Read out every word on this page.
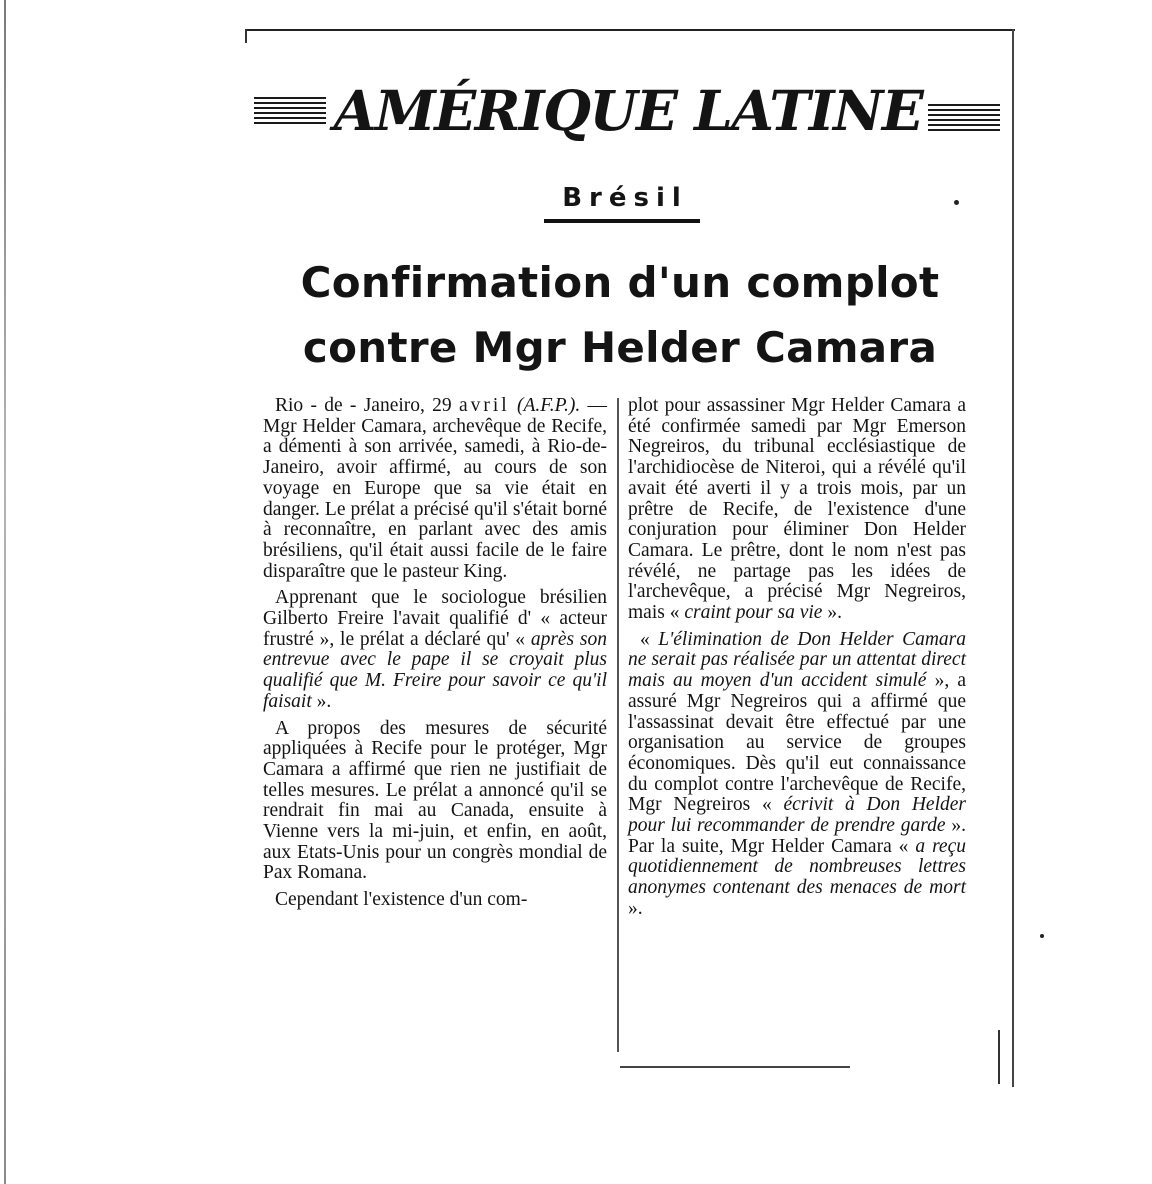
AMÉRIQUE LATINE
Brésil
Confirmation d'un complot
contre Mgr Helder Camara

Rio - de - Janeiro, 29 avril (A.F.P.). — Mgr Helder Camara, archevêque de Recife, a démenti à son arrivée, samedi, à Rio-de-Janeiro, avoir affirmé, au cours de son voyage en Europe que sa vie était en danger. Le prélat a précisé qu'il s'était borné à reconnaître, en parlant avec des amis brésiliens, qu'il était aussi facile de le faire disparaître que le pasteur King.

Apprenant que le sociologue brésilien Gilberto Freire l'avait qualifié d' « acteur frustré », le prélat a déclaré qu' « après son entrevue avec le pape il se croyait plus qualifié que M. Freire pour savoir ce qu'il faisait ».

A propos des mesures de sécurité appliquées à Recife pour le protéger, Mgr Camara a affirmé que rien ne justifiait de telles mesures. Le prélat a annoncé qu'il se rendrait fin mai au Canada, ensuite à Vienne vers la mi-juin, et enfin, en août, aux Etats-Unis pour un congrès mondial de Pax Romana.

Cependant l'existence d'un com-

plot pour assassiner Mgr Helder Camara a été confirmée samedi par Mgr Emerson Negreiros, du tribunal ecclésiastique de l'archidiocèse de Niteroi, qui a révélé qu'il avait été averti il y a trois mois, par un prêtre de Recife, de l'existence d'une conjuration pour éliminer Don Helder Camara. Le prêtre, dont le nom n'est pas révélé, ne partage pas les idées de l'archevêque, a précisé Mgr Negreiros, mais « craint pour sa vie ».

« L'élimination de Don Helder Camara ne serait pas réalisée par un attentat direct mais au moyen d'un accident simulé », a assuré Mgr Negreiros qui a affirmé que l'assassinat devait être effectué par une organisation au service de groupes économiques. Dès qu'il eut connaissance du complot contre l'archevêque de Recife, Mgr Negreiros « écrivit à Don Helder pour lui recommander de prendre garde ». Par la suite, Mgr Helder Camara « a reçu quotidiennement de nombreuses lettres anonymes contenant des menaces de mort ».
